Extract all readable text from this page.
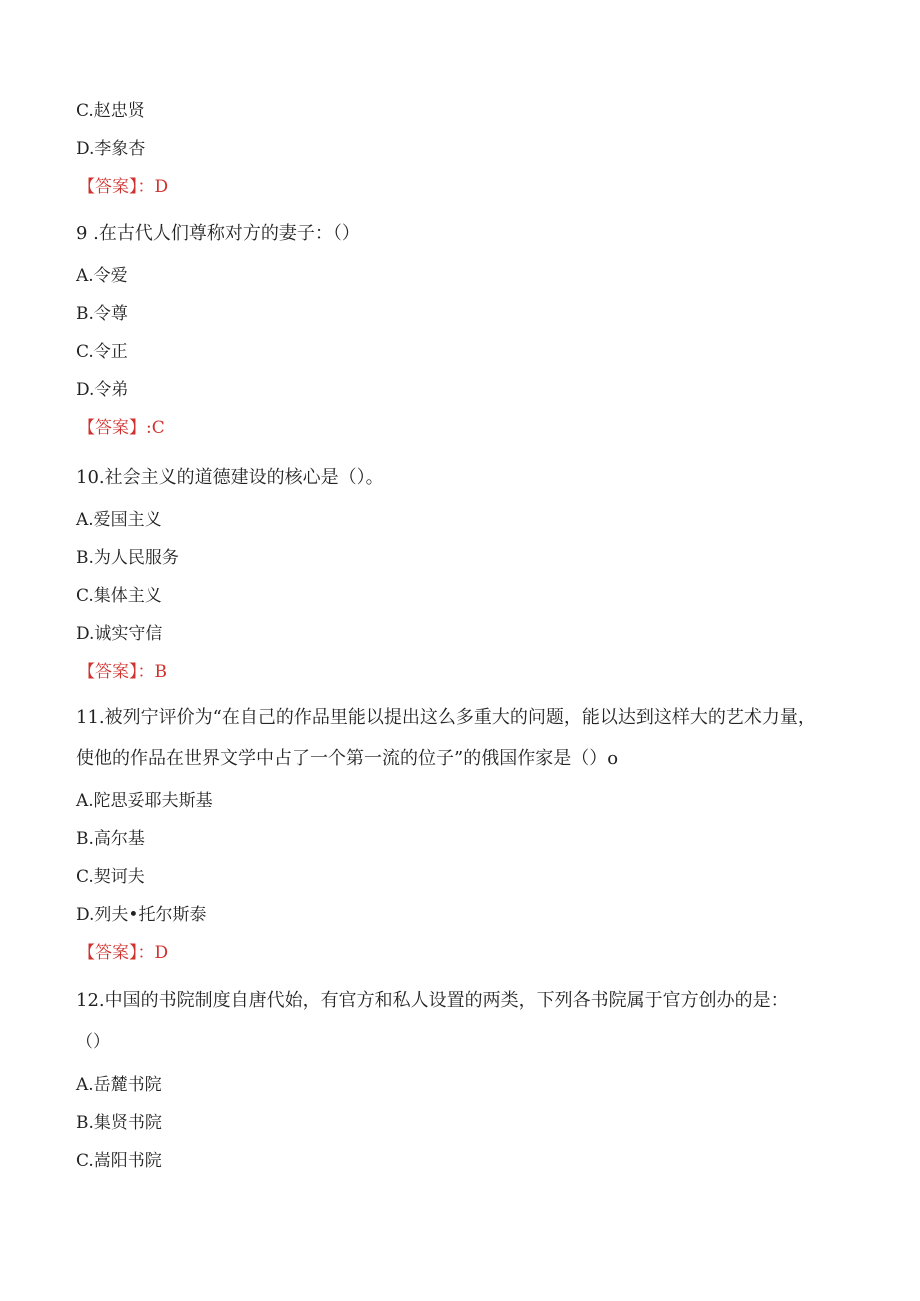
C.赵忠贤
D.李象杏
【答案】：D
9 .在古代人们尊称对方的妻子：（）
A.令爱
B.令尊
C.令正
D.令弟
【答案】:C
10.社会主义的道德建设的核心是（）。
A.爱国主义
B.为人民服务
C.集体主义
D.诚实守信
【答案】：B
11.被列宁评价为“在自己的作品里能以提出这么多重大的问题，能以达到这样大的艺术力量，
使他的作品在世界文学中占了一个第一流的位子”的俄国作家是（）o
A.陀思妥耶夫斯基
B.高尔基
C.契诃夫
D.列夫•托尔斯泰
【答案】：D
12.中国的书院制度自唐代始，有官方和私人设置的两类，下列各书院属于官方创办的是：
（）
A.岳麓书院
B.集贤书院
C.嵩阳书院
